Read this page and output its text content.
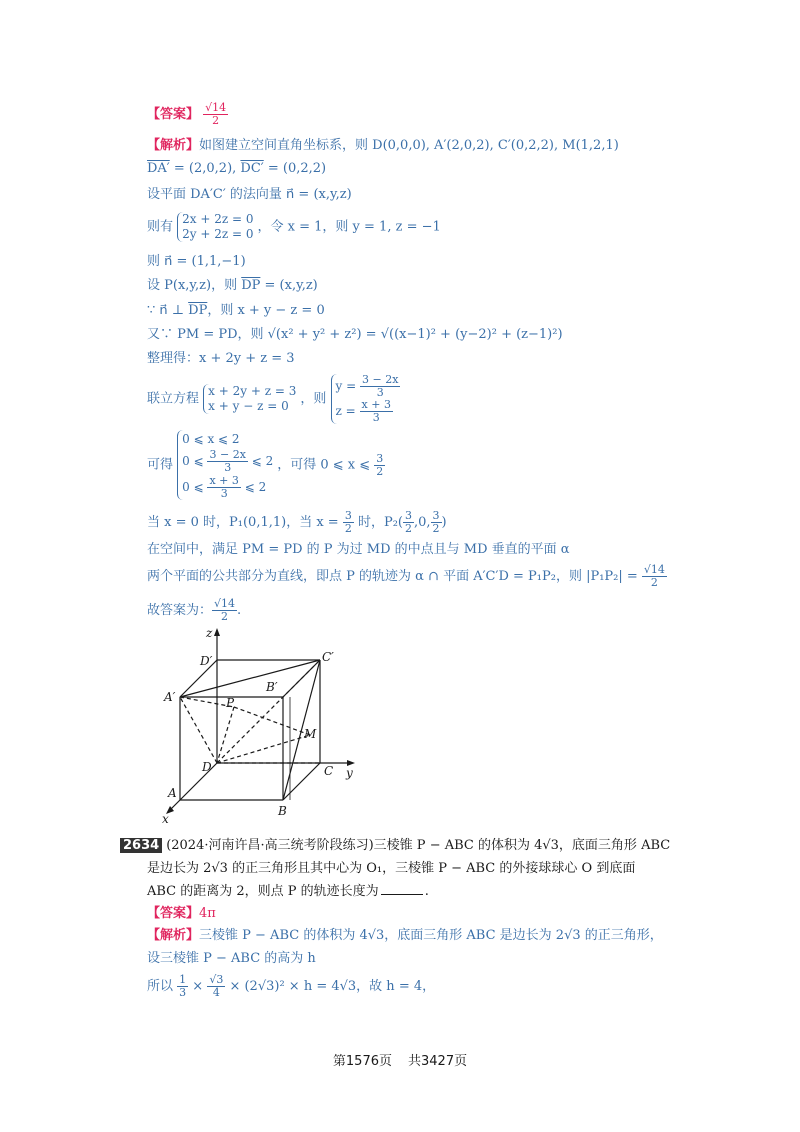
【答案】 $\frac{√14}{2}$
【解析】如图建立空间直角坐标系，则 D(0,0,0), A′(2,0,2), C′(0,2,2), M(1,2,1)
DA′ = (2,0,2), DC′ = (0,2,2)
设平面 DA′C′ 的法向量 n⃗ = (x,y,z)
则有
2x + 2z = 0
2y + 2z = 0 ，令 x = 1，则 y = 1, z = −1
则 n⃗ = (1,1,−1)
设 P(x,y,z)，则 $\overline{DP} = (x,y,z)$
∵ n⃗ ⊥ $\overline{DP}$，则 x + y − z = 0
又∵ PM = PD，则 √(x² + y² + z²) = √((x−1)² + (y−2)² + (z−1)²)
整理得：x + 2y + z = 3
联立方程
x + 2y + z = 3
x + y − z = 0 ，则
$y = \frac{3 - 2x}{3}$
$z = \frac{x + 3}{3}$
可得
0 ⩽ x ⩽ 2
0 ⩽ $\frac{3 - 2x}{3}$ ⩽ 2
0 ⩽ $\frac{x + 3}{3}$ ⩽ 2
，可得 0 ⩽ x ⩽ $\frac{3}{2}$
当 x = 0 时，P₁(0,1,1)，当 $x = \frac{3}{2}$ 时，$P_2( \frac{3}{2} ,0$, $\frac{3}{2}$ )
在空间中，满足 PM = PD 的 P 为过 MD 的中点且与 MD 垂直的平面 α
两个平面的公共部分为直线，即点 P 的轨迹为 α ∩ 平面 A′C′D = P₁P₂，则 $|P_1P_2| = \frac{√14}{2}$
故答案为： $\frac{√14}{2}$ .
z
D′	C′
A′
B′
P
M
D	C y
A
B
x
2634 (2024·河南许昌·高三统考阶段练习)三棱锥 P − ABC 的体积为 4√3，底面三角形 ABC
是边长为 2√3 的正三角形且其中心为 O₁，三棱锥 P − ABC 的外接球球心 O 到底面
ABC 的距离为 2，则点 P 的轨迹长度为	.
【答案】4π
【解析】三棱锥 P − ABC 的体积为 4√3，底面三角形 ABC 是边长为 2√3 的正三角形，
设三棱锥 P − ABC 的高为 h
所以 $\frac{1}{3} \times \frac{√3}{4} \times (2√3)^2 \times h = 4√3$，故 h = 4，
第1576页 共3427页
